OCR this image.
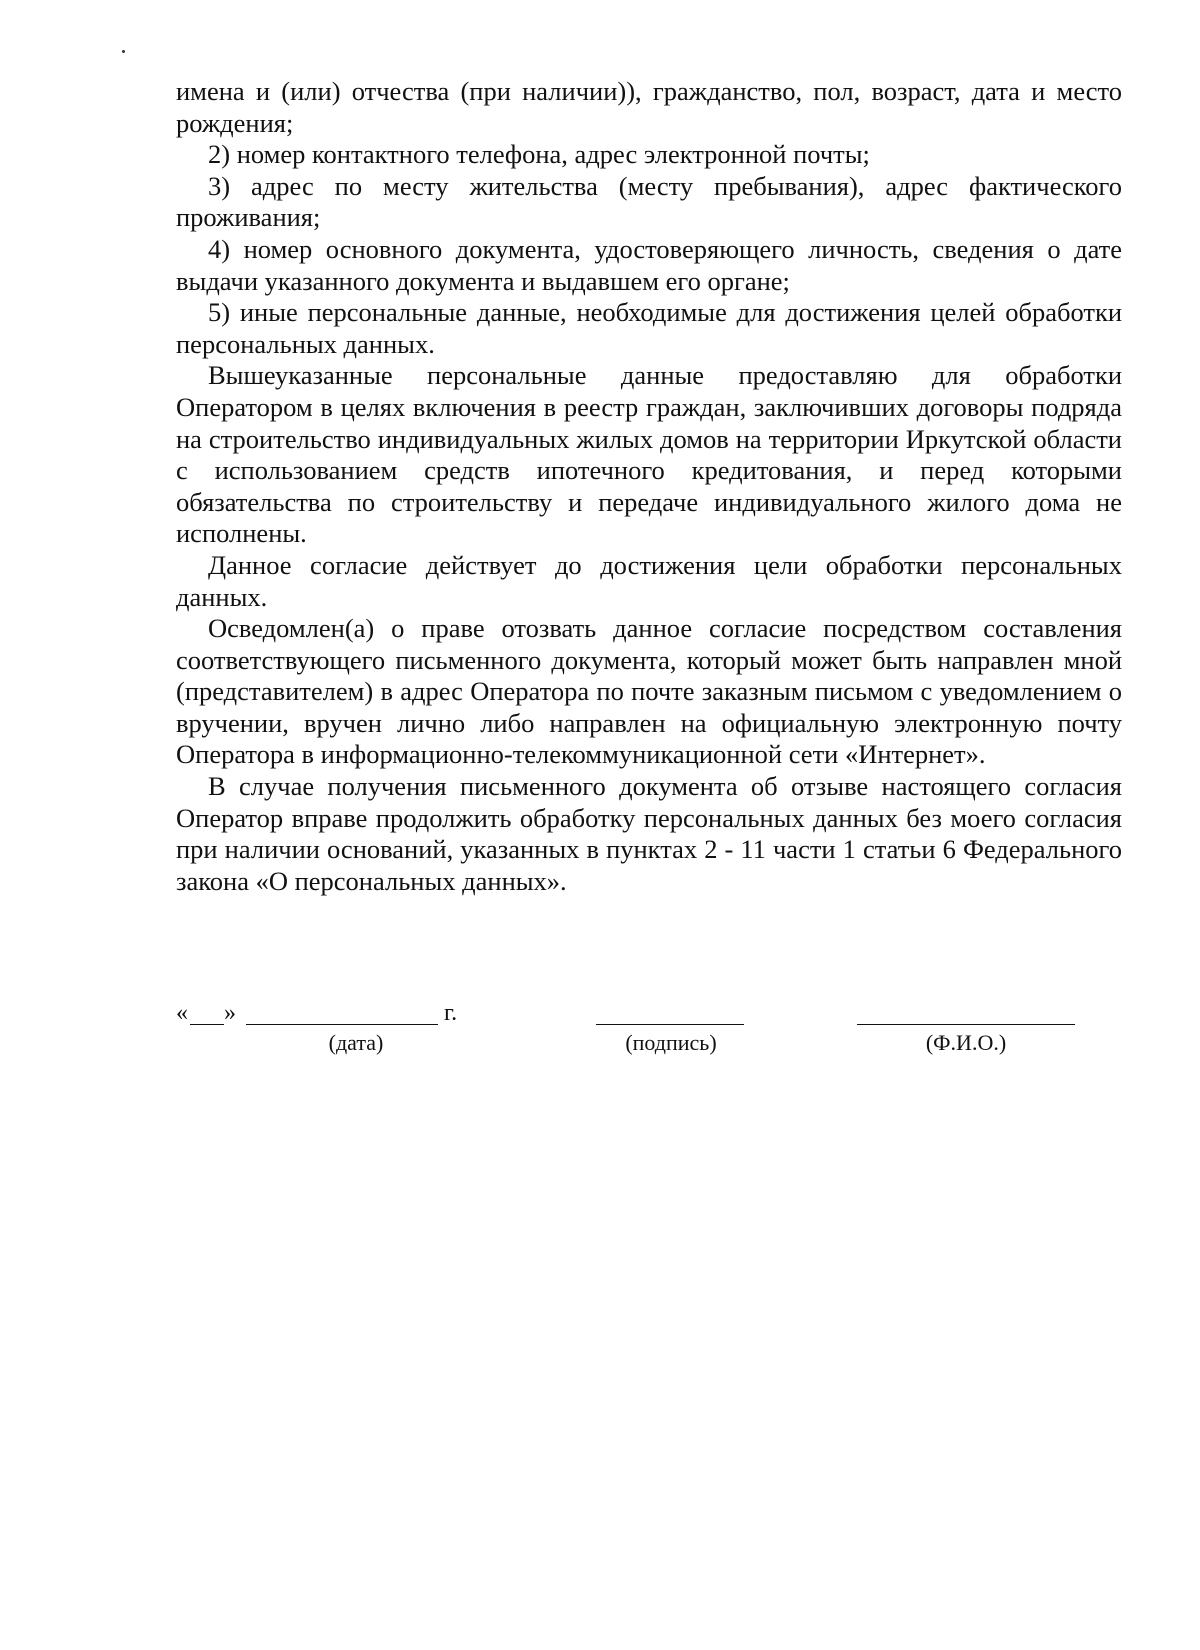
имена и (или) отчества (при наличии)), гражданство, пол, возраст, дата и место рождения;

2) номер контактного телефона, адрес электронной почты;

3) адрес по месту жительства (месту пребывания), адрес фактического проживания;

4) номер основного документа, удостоверяющего личность, сведения о дате выдачи указанного документа и выдавшем его органе;

5) иные персональные данные, необходимые для достижения целей обработки персональных данных.

Вышеуказанные персональные данные предоставляю для обработки Оператором в целях включения в реестр граждан, заключивших договоры подряда на строительство индивидуальных жилых домов на территории Иркутской области с использованием средств ипотечного кредитования, и перед которыми обязательства по строительству и передаче индивидуального жилого дома не исполнены.

Данное согласие действует до достижения цели обработки персональных данных.

Осведомлен(а) о праве отозвать данное согласие посредством составления соответствующего письменного документа, который может быть направлен мной (представителем) в адрес Оператора по почте заказным письмом с уведомлением о вручении, вручен лично либо направлен на официальную электронную почту Оператора в информационно-телекоммуникационной сети «Интернет».

В случае получения письменного документа об отзыве настоящего согласия Оператор вправе продолжить обработку персональных данных без моего согласия при наличии оснований, указанных в пунктах 2 - 11 части 1 статьи 6 Федерального закона «О персональных данных».

« »	г.
(дата)	(подпись)	(Ф.И.О.)
